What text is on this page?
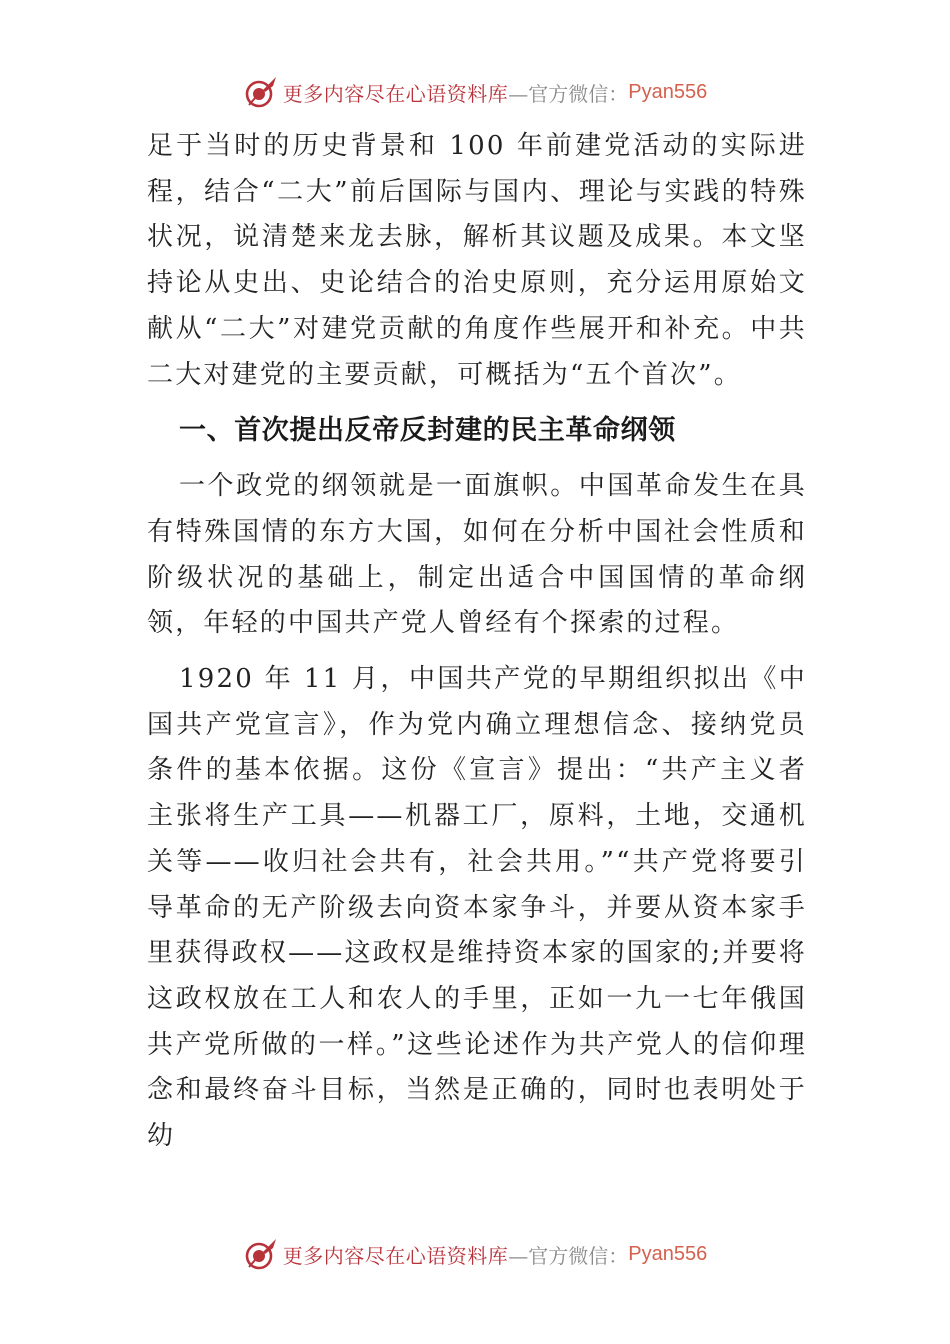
更多内容尽在心语资料库 —官方微信： Pyan556

足于当时的历史背景和 100 年前建党活动的实际进程，结合“二大”前后国际与国内、理论与实践的特殊状况，说清楚来龙去脉，解析其议题及成果。本文坚持论从史出、史论结合的治史原则，充分运用原始文献从“二大”对建党贡献的角度作些展开和补充。中共二大对建党的主要贡献，可概括为“五个首次”。

一、首次提出反帝反封建的民主革命纲领

一个政党的纲领就是一面旗帜。中国革命发生在具有特殊国情的东方大国，如何在分析中国社会性质和阶级状况的基础上，制定出适合中国国情的革命纲领，年轻的中国共产党人曾经有个探索的过程。

1920 年 11 月，中国共产党的早期组织拟出《中国共产党宣言》，作为党内确立理想信念、接纳党员条件的基本依据。这份《宣言》提出：“共产主义者主张将生产工具——机器工厂，原料，土地，交通机关等——收归社会共有，社会共用。”“共产党将要引导革命的无产阶级去向资本家争斗，并要从资本家手里获得政权——这政权是维持资本家的国家的;并要将这政权放在工人和农人的手里，正如一九一七年俄国共产党所做的一样。”这些论述作为共产党人的信仰理念和最终奋斗目标，当然是正确的，同时也表明处于幼

更多内容尽在心语资料库 —官方微信： Pyan556
